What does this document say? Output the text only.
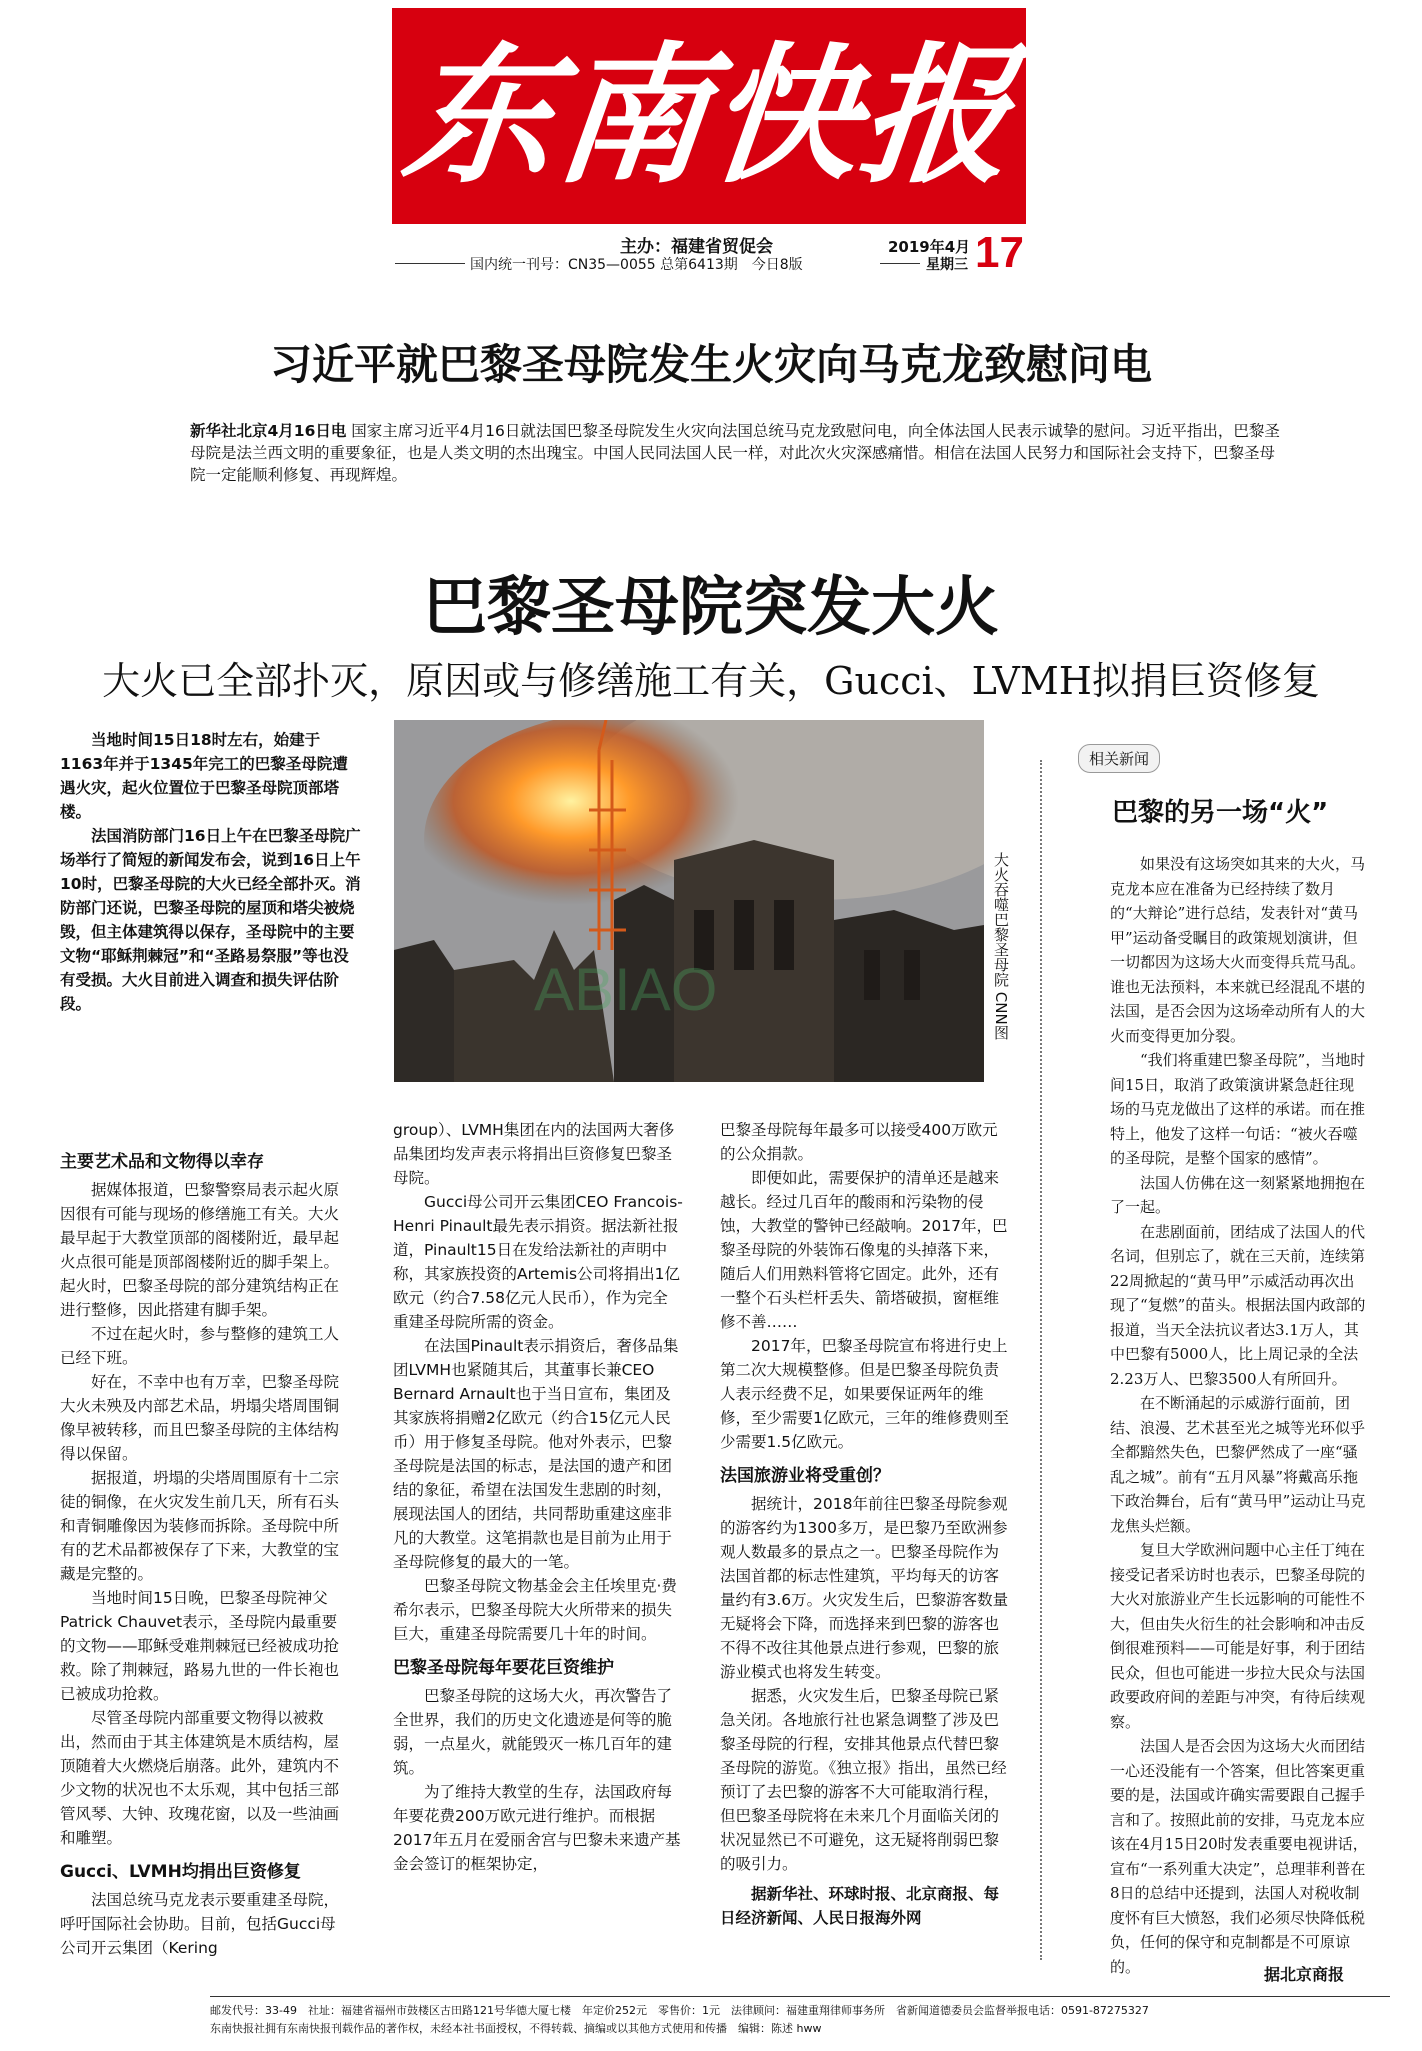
东南快报
主办：福建省贸促会
国内统一刊号：CN35—0055 总第6413期　今日8版
2019年4月
星期三 17
习近平就巴黎圣母院发生火灾向马克龙致慰问电
新华社北京4月16日电 国家主席习近平4月16日就法国巴黎圣母院发生火灾向法国总统马克龙致慰问电，向全体法国人民表示诚挚的慰问。习近平指出，巴黎圣母院是法兰西文明的重要象征，也是人类文明的杰出瑰宝。中国人民同法国人民一样，对此次火灾深感痛惜。相信在法国人民努力和国际社会支持下，巴黎圣母院一定能顺利修复、再现辉煌。
巴黎圣母院突发大火
大火已全部扑灭，原因或与修缮施工有关，Gucci、LVMH拟捐巨资修复

当地时间15日18时左右，始建于1163年并于1345年完工的巴黎圣母院遭遇火灾，起火位置位于巴黎圣母院顶部塔楼。

法国消防部门16日上午在巴黎圣母院广场举行了简短的新闻发布会，说到16日上午10时，巴黎圣母院的大火已经全部扑灭。消防部门还说，巴黎圣母院的屋顶和塔尖被烧毁，但主体建筑得以保存，圣母院中的主要文物“耶稣荆棘冠”和“圣路易祭服”等也没有受损。大火目前进入调查和损失评估阶段。	ABIAO	大火吞噬巴黎圣母院 CNN图
相关新闻
巴黎的另一场“火”

主要艺术品和文物得以幸存

据媒体报道，巴黎警察局表示起火原因很有可能与现场的修缮施工有关。大火最早起于大教堂顶部的阁楼附近，最早起火点很可能是顶部阁楼附近的脚手架上。起火时，巴黎圣母院的部分建筑结构正在进行整修，因此搭建有脚手架。

不过在起火时，参与整修的建筑工人已经下班。

好在，不幸中也有万幸，巴黎圣母院大火未殃及内部艺术品，坍塌尖塔周围铜像早被转移，而且巴黎圣母院的主体结构得以保留。

据报道，坍塌的尖塔周围原有十二宗徒的铜像，在火灾发生前几天，所有石头和青铜雕像因为装修而拆除。圣母院中所有的艺术品都被保存了下来，大教堂的宝藏是完整的。

当地时间15日晚，巴黎圣母院神父Patrick Chauvet表示，圣母院内最重要的文物——耶稣受难荆棘冠已经被成功抢救。除了荆棘冠，路易九世的一件长袍也已被成功抢救。

尽管圣母院内部重要文物得以被救出，然而由于其主体建筑是木质结构，屋顶随着大火燃烧后崩落。此外，建筑内不少文物的状况也不太乐观，其中包括三部管风琴、大钟、玫瑰花窗，以及一些油画和雕塑。

Gucci、LVMH均捐出巨资修复

法国总统马克龙表示要重建圣母院，呼吁国际社会协助。目前，包括Gucci母公司开云集团（Kering

group）、LVMH集团在内的法国两大奢侈品集团均发声表示将捐出巨资修复巴黎圣母院。

Gucci母公司开云集团CEO Francois-Henri Pinault最先表示捐资。据法新社报道，Pinault15日在发给法新社的声明中称，其家族投资的Artemis公司将捐出1亿欧元（约合7.58亿元人民币），作为完全重建圣母院所需的资金。

在法国Pinault表示捐资后，奢侈品集团LVMH也紧随其后，其董事长兼CEO Bernard Arnault也于当日宣布，集团及其家族将捐赠2亿欧元（约合15亿元人民币）用于修复圣母院。他对外表示，巴黎圣母院是法国的标志，是法国的遗产和团结的象征，希望在法国发生悲剧的时刻，展现法国人的团结，共同帮助重建这座非凡的大教堂。这笔捐款也是目前为止用于圣母院修复的最大的一笔。

巴黎圣母院文物基金会主任埃里克·费希尔表示，巴黎圣母院大火所带来的损失巨大，重建圣母院需要几十年的时间。

巴黎圣母院每年要花巨资维护

巴黎圣母院的这场大火，再次警告了全世界，我们的历史文化遗迹是何等的脆弱，一点星火，就能毁灭一栋几百年的建筑。

为了维持大教堂的生存，法国政府每年要花费200万欧元进行维护。而根据2017年五月在爱丽舍宫与巴黎未来遗产基金会签订的框架协定，

巴黎圣母院每年最多可以接受400万欧元的公众捐款。

即便如此，需要保护的清单还是越来越长。经过几百年的酸雨和污染物的侵蚀，大教堂的警钟已经敲响。2017年，巴黎圣母院的外装饰石像鬼的头掉落下来，随后人们用熟料管将它固定。此外，还有一整个石头栏杆丢失、箭塔破损，窗框维修不善……

2017年，巴黎圣母院宣布将进行史上第二次大规模整修。但是巴黎圣母院负责人表示经费不足，如果要保证两年的维修，至少需要1亿欧元，三年的维修费则至少需要1.5亿欧元。

法国旅游业将受重创？

据统计，2018年前往巴黎圣母院参观的游客约为1300多万，是巴黎乃至欧洲参观人数最多的景点之一。巴黎圣母院作为法国首都的标志性建筑，平均每天的访客量约有3.6万。火灾发生后，巴黎游客数量无疑将会下降，而选择来到巴黎的游客也不得不改往其他景点进行参观，巴黎的旅游业模式也将发生转变。

据悉，火灾发生后，巴黎圣母院已紧急关闭。各地旅行社也紧急调整了涉及巴黎圣母院的行程，安排其他景点代替巴黎圣母院的游览。《独立报》指出，虽然已经预订了去巴黎的游客不大可能取消行程，但巴黎圣母院将在未来几个月面临关闭的状况显然已不可避免，这无疑将削弱巴黎的吸引力。

据新华社、环球时报、北京商报、每日经济新闻、人民日报海外网

如果没有这场突如其来的大火，马克龙本应在准备为已经持续了数月的“大辩论”进行总结，发表针对“黄马甲”运动备受瞩目的政策规划演讲，但一切都因为这场大火而变得兵荒马乱。谁也无法预料，本来就已经混乱不堪的法国，是否会因为这场牵动所有人的大火而变得更加分裂。

“我们将重建巴黎圣母院”，当地时间15日，取消了政策演讲紧急赶往现场的马克龙做出了这样的承诺。而在推特上，他发了这样一句话：“被火吞噬的圣母院，是整个国家的感情”。

法国人仿佛在这一刻紧紧地拥抱在了一起。

在悲剧面前，团结成了法国人的代名词，但别忘了，就在三天前，连续第22周掀起的“黄马甲”示威活动再次出现了“复燃”的苗头。根据法国内政部的报道，当天全法抗议者达3.1万人，其中巴黎有5000人，比上周记录的全法2.23万人、巴黎3500人有所回升。

在不断涌起的示威游行面前，团结、浪漫、艺术甚至光之城等光环似乎全都黯然失色，巴黎俨然成了一座“骚乱之城”。前有“五月风暴”将戴高乐拖下政治舞台，后有“黄马甲”运动让马克龙焦头烂额。

复旦大学欧洲问题中心主任丁纯在接受记者采访时也表示，巴黎圣母院的大火对旅游业产生长远影响的可能性不大，但由失火衍生的社会影响和冲击反倒很难预料——可能是好事，利于团结民众，但也可能进一步拉大民众与法国政要政府间的差距与冲突，有待后续观察。

法国人是否会因为这场大火而团结一心还没能有一个答案，但比答案更重要的是，法国或许确实需要跟自己握手言和了。按照此前的安排，马克龙本应该在4月15日20时发表重要电视讲话，宣布“一系列重大决定”，总理菲利普在8日的总结中还提到，法国人对税收制度怀有巨大愤怒，我们必须尽快降低税负，任何的保守和克制都是不可原谅的。	据北京商报
邮发代号：33-49　社址：福建省福州市鼓楼区古田路121号华德大厦七楼　年定价252元　零售价：1元　法律顾问：福建重翔律师事务所　省新闻道德委员会监督举报电话：0591-87275327
东南快报社拥有东南快报刊载作品的著作权，未经本社书面授权，不得转载、摘编或以其他方式使用和传播　编辑：陈述 hww
